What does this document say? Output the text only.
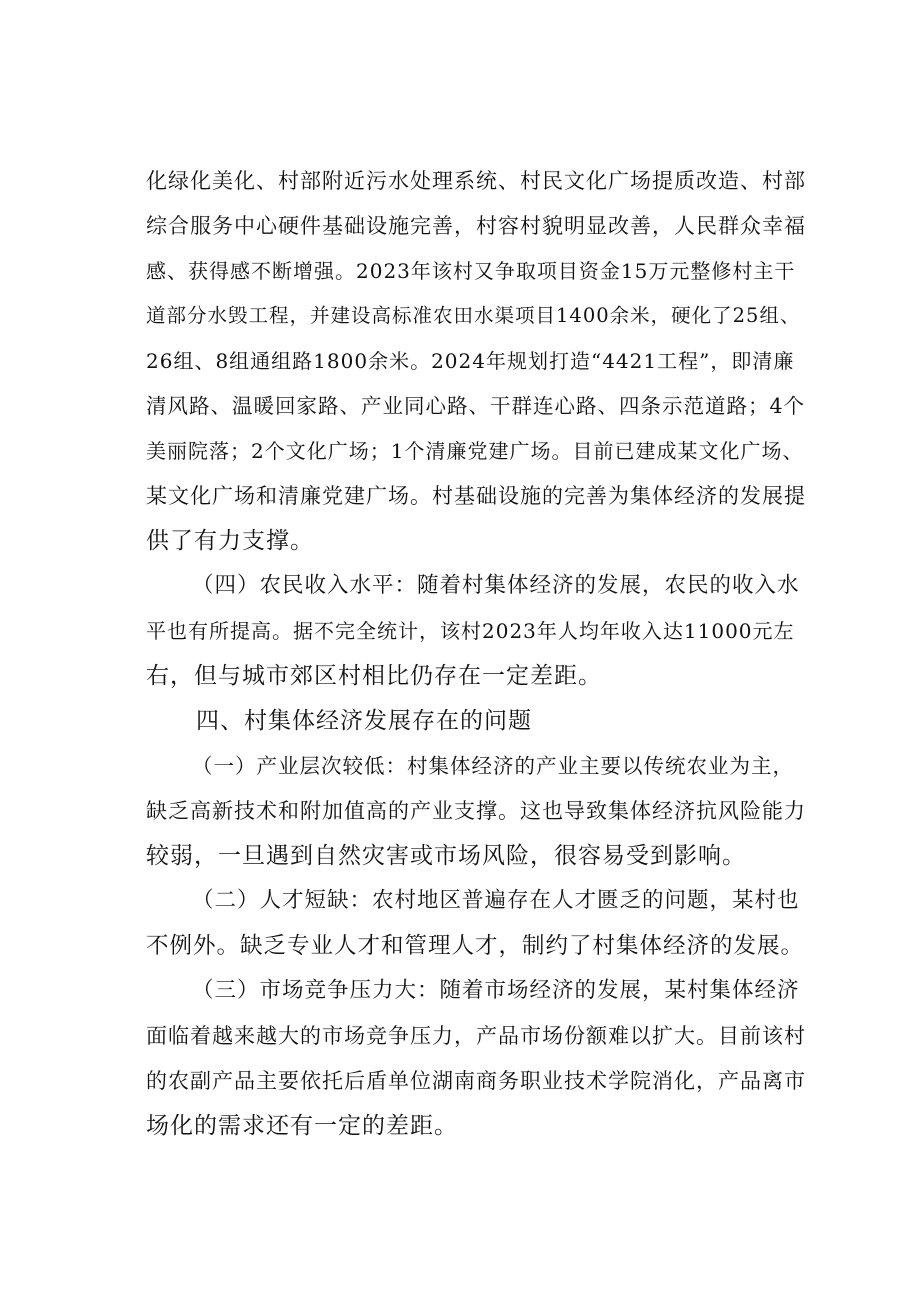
化绿化美化、村部附近污水处理系统、村民文化广场提质改造、村部
综合服务中心硬件基础设施完善，村容村貌明显改善，人民群众幸福
感、获得感不断增强。2023年该村又争取项目资金15万元整修村主干
道部分水毁工程，并建设高标准农田水渠项目1400余米，硬化了25组、
26组、8组通组路1800余米。2024年规划打造“4421工程”，即清廉
清风路、温暖回家路、产业同心路、干群连心路、四条示范道路；4个
美丽院落；2个文化广场；1个清廉党建广场。目前已建成某文化广场、
某文化广场和清廉党建广场。村基础设施的完善为集体经济的发展提
供了有力支撑。
（四）农民收入水平：随着村集体经济的发展，农民的收入水
平也有所提高。据不完全统计，该村2023年人均年收入达11000元左
右，但与城市郊区村相比仍存在一定差距。
四、村集体经济发展存在的问题
（一）产业层次较低：村集体经济的产业主要以传统农业为主，
缺乏高新技术和附加值高的产业支撑。这也导致集体经济抗风险能力
较弱，一旦遇到自然灾害或市场风险，很容易受到影响。
（二）人才短缺：农村地区普遍存在人才匮乏的问题，某村也
不例外。缺乏专业人才和管理人才，制约了村集体经济的发展。
（三）市场竞争压力大：随着市场经济的发展，某村集体经济
面临着越来越大的市场竞争压力，产品市场份额难以扩大。目前该村
的农副产品主要依托后盾单位湖南商务职业技术学院消化，产品离市
场化的需求还有一定的差距。
